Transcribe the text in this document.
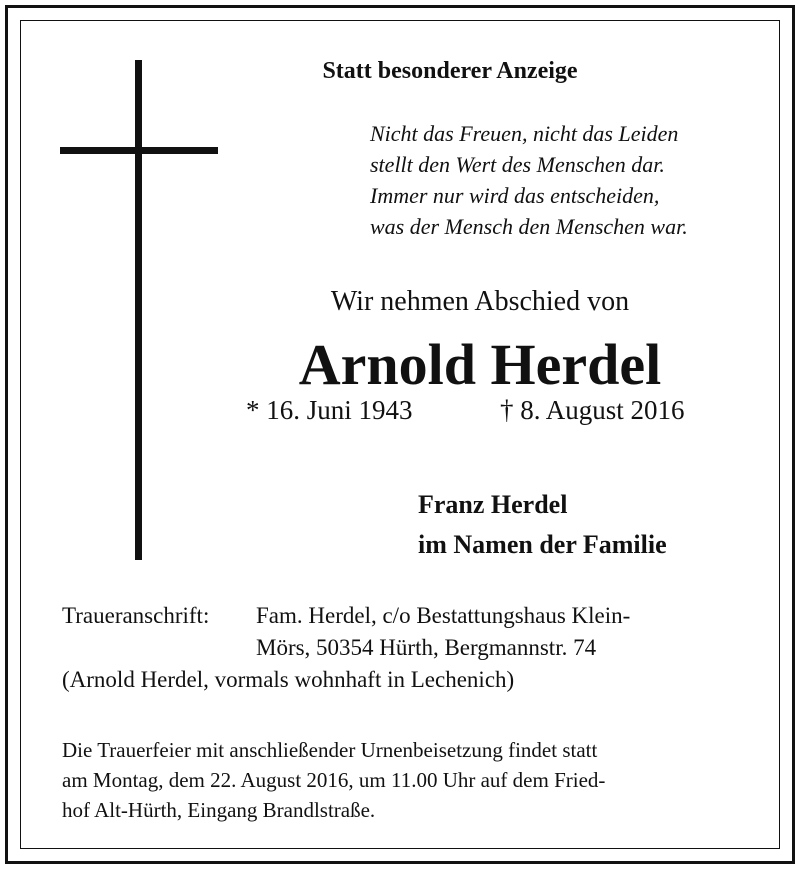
Statt besonderer Anzeige
Nicht das Freuen, nicht das Leiden
stellt den Wert des Menschen dar.
Immer nur wird das entscheiden,
was der Mensch den Menschen war.
Wir nehmen Abschied von
Arnold Herdel
* 16. Juni 1943	† 8. August 2016
Franz Herdel
im Namen der Familie
Traueranschrift: Fam. Herdel, c/o Bestattungshaus Klein-
Mörs, 50354 Hürth, Bergmannstr. 74
(Arnold Herdel, vormals wohnhaft in Lechenich)
Die Trauerfeier mit anschließender Urnenbeisetzung findet statt
am Montag, dem 22. August 2016, um 11.00 Uhr auf dem Fried-
hof Alt-Hürth, Eingang Brandlstraße.
